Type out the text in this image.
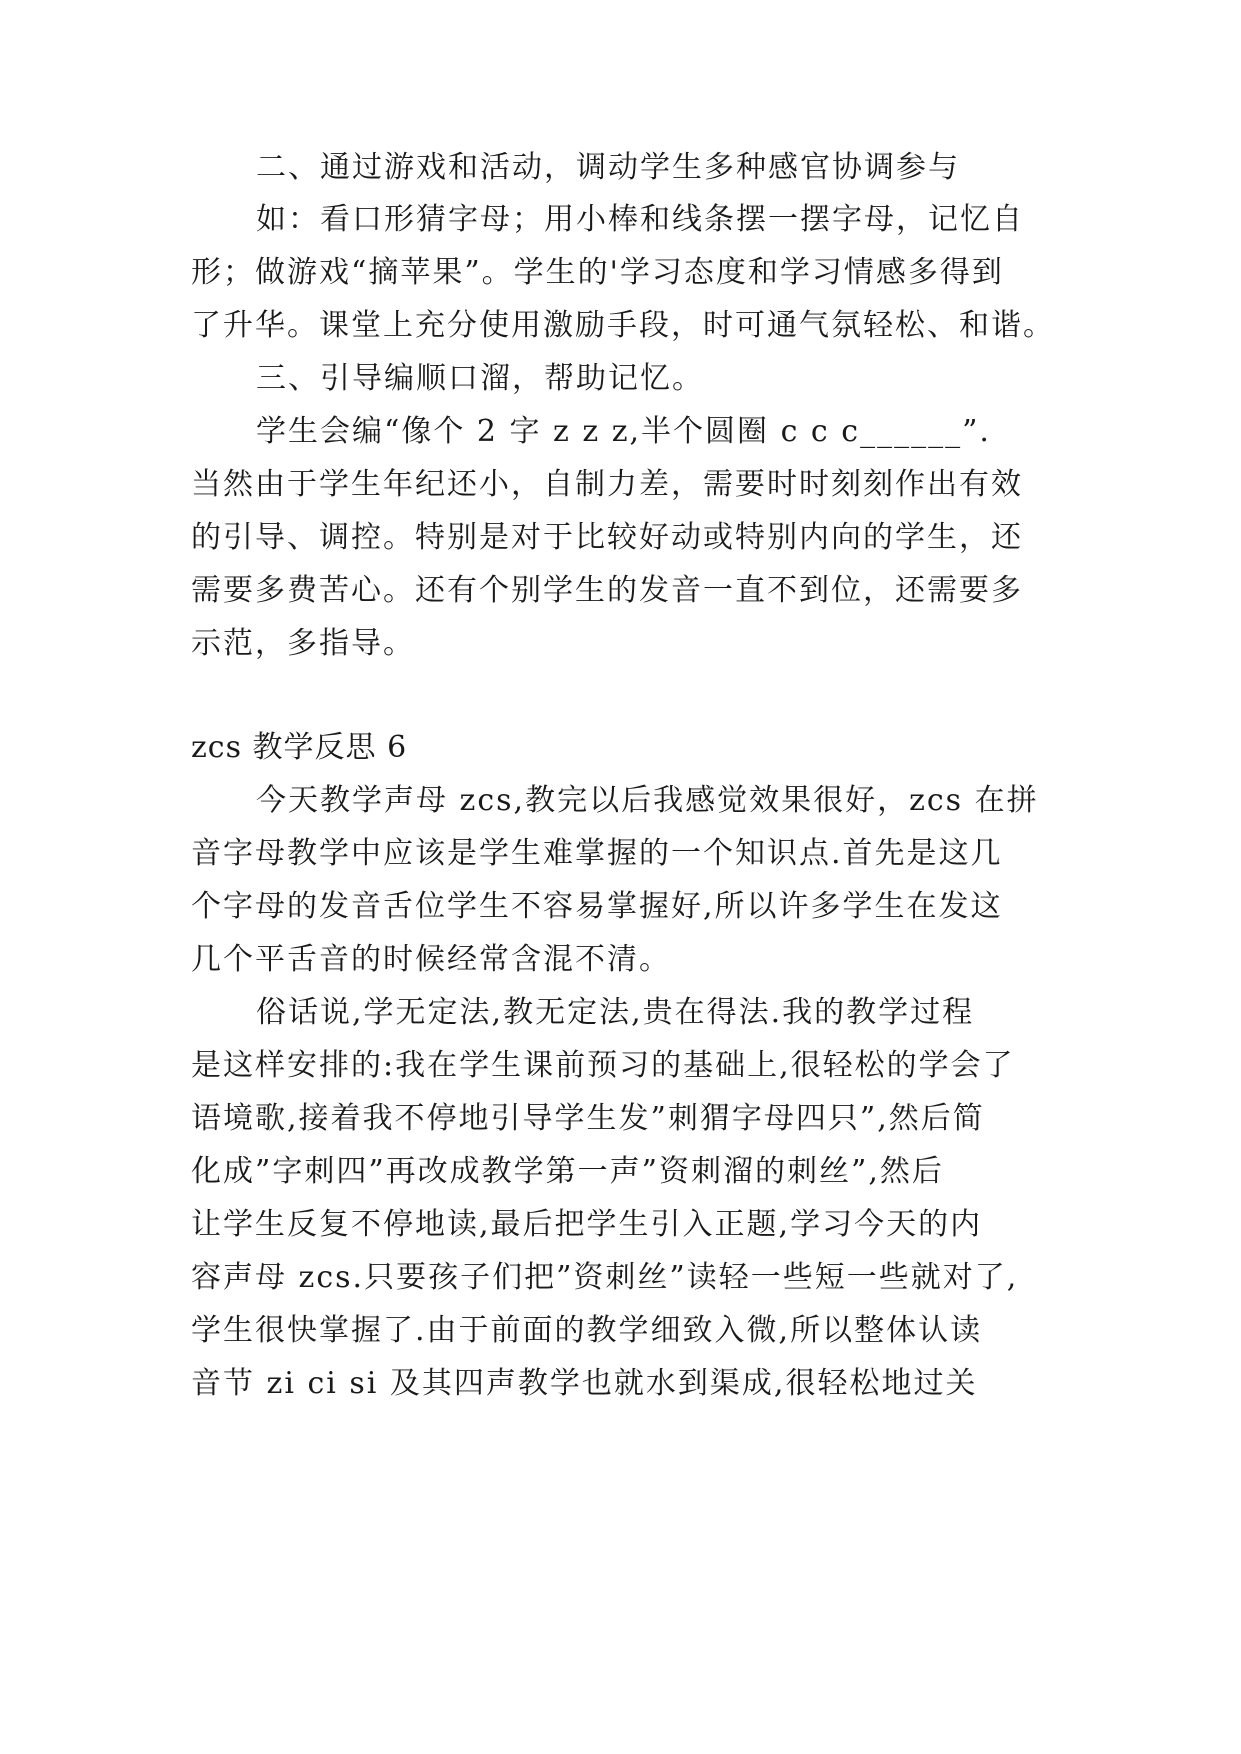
二、通过游戏和活动，调动学生多种感官协调参与
如：看口形猜字母；用小棒和线条摆一摆字母，记忆自
形；做游戏“摘苹果”。学生的'学习态度和学习情感多得到
了升华。课堂上充分使用激励手段，时可通气氛轻松、和谐。
三、引导编顺口溜，帮助记忆。
学生会编“像个 2 字 z z z,半个圆圈 c c c______”.
当然由于学生年纪还小，自制力差，需要时时刻刻作出有效
的引导、调控。特别是对于比较好动或特别内向的学生，还
需要多费苦心。还有个别学生的发音一直不到位，还需要多
示范，多指导。
zcs 教学反思 6
今天教学声母 zcs,教完以后我感觉效果很好，zcs 在拼
音字母教学中应该是学生难掌握的一个知识点.首先是这几
个字母的发音舌位学生不容易掌握好,所以许多学生在发这
几个平舌音的时候经常含混不清。
俗话说,学无定法,教无定法,贵在得法.我的教学过程
是这样安排的:我在学生课前预习的基础上,很轻松的学会了
语境歌,接着我不停地引导学生发”刺猬字母四只”,然后简
化成”字刺四”再改成教学第一声”资刺溜的刺丝”,然后
让学生反复不停地读,最后把学生引入正题,学习今天的内
容声母 zcs.只要孩子们把”资刺丝”读轻一些短一些就对了,
学生很快掌握了.由于前面的教学细致入微,所以整体认读
音节 zi ci si 及其四声教学也就水到渠成,很轻松地过关
